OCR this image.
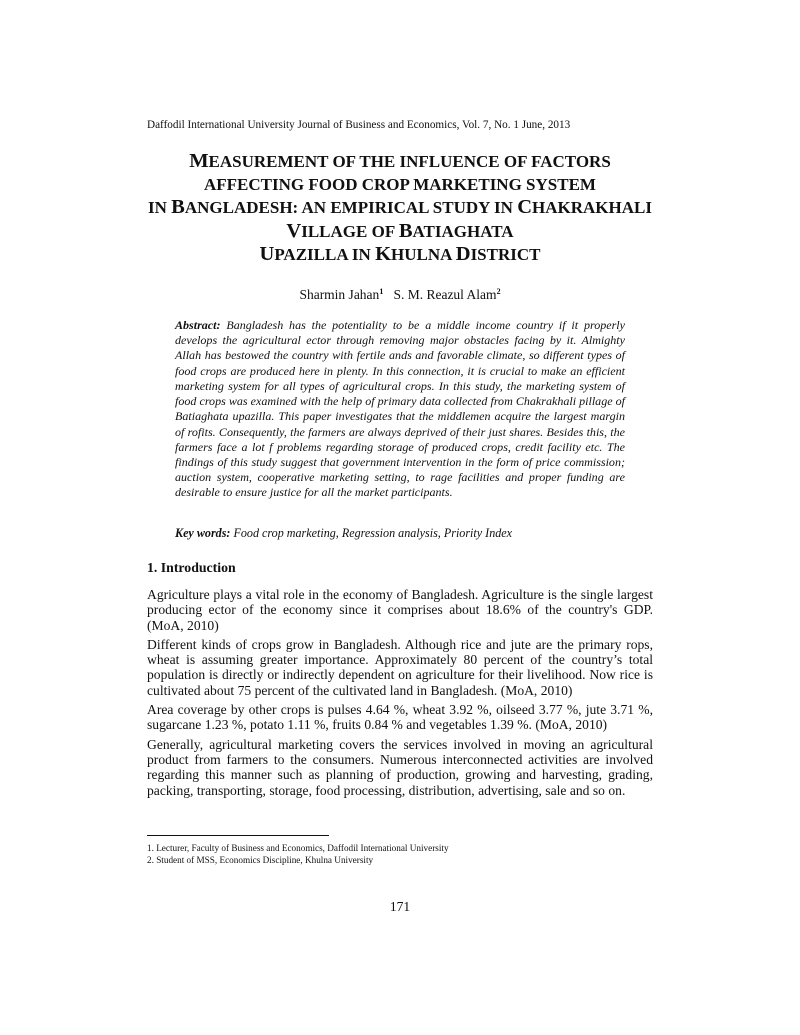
Daffodil International University Journal of Business and Economics, Vol. 7, No. 1 June, 2013
MEASUREMENT OF THE INFLUENCE OF FACTORS
AFFECTING FOOD CROP MARKETING SYSTEM
IN BANGLADESH: AN EMPIRICAL STUDY IN CHAKRAKHALI
VILLAGE OF BATIAGHATA
UPAZILLA IN KHULNA DISTRICT
Sharmin Jahan$^1$ S. M. Reazul Alam$^2$
Abstract: Bangladesh has the potentiality to be a middle income country if it properly develops the agricultural ector through removing major obstacles facing by it. Almighty Allah has bestowed the country with fertile ands and favorable climate, so different types of food crops are produced here in plenty. In this connection, it is crucial to make an efficient marketing system for all types of agricultural crops. In this study, the marketing system of food crops was examined with the help of primary data collected from Chakrakhali pillage of Batiaghata upazilla. This paper investigates that the middlemen acquire the largest margin of rofits. Consequently, the farmers are always deprived of their just shares. Besides this, the farmers face a lot f problems regarding storage of produced crops, credit facility etc. The findings of this study suggest that government intervention in the form of price commission; auction system, cooperative marketing setting, to rage facilities and proper funding are desirable to ensure justice for all the market participants.
Key words: Food crop marketing, Regression analysis, Priority Index
1. Introduction

Agriculture plays a vital role in the economy of Bangladesh. Agriculture is the single largest producing ector of the economy since it comprises about 18.6% of the country's GDP. (MoA, 2010)

Different kinds of crops grow in Bangladesh. Although rice and jute are the primary rops, wheat is assuming greater importance. Approximately 80 percent of the country’s total population is directly or indirectly dependent on agriculture for their livelihood. Now rice is cultivated about 75 percent of the cultivated land in Bangladesh. (MoA, 2010)

Area coverage by other crops is pulses 4.64 %, wheat 3.92 %, oilseed 3.77 %, jute 3.71 %, sugarcane 1.23 %, potato 1.11 %, fruits 0.84 % and vegetables 1.39 %. (MoA, 2010)

Generally, agricultural marketing covers the services involved in moving an agricultural product from farmers to the consumers. Numerous interconnected activities are involved regarding this manner such as planning of production, growing and harvesting, grading, packing, transporting, storage, food processing, distribution, advertising, sale and so on.

1. Lecturer, Faculty of Business and Economics, Daffodil International University
2. Student of MSS, Economics Discipline, Khulna University
171
